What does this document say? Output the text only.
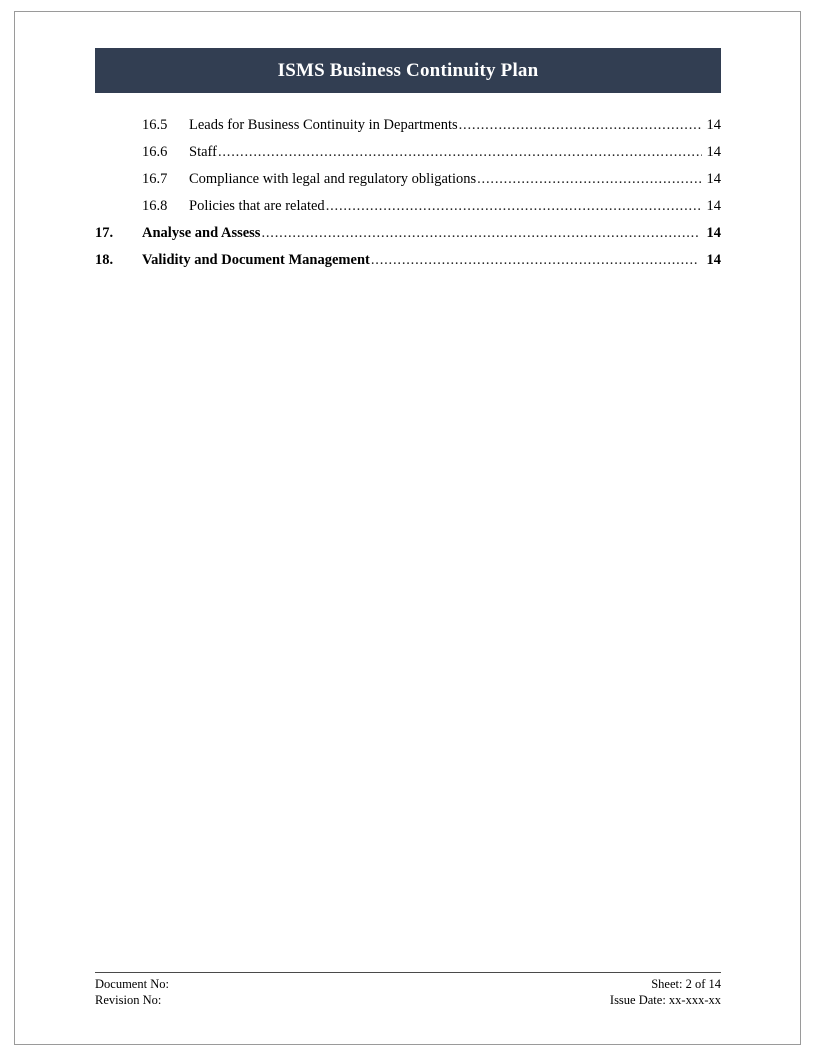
ISMS Business Continuity Plan
16.5	Leads for Business Continuity in Departments .....	14
16.6	Staff .....	14
16.7	Compliance with legal and regulatory obligations .....	14
16.8	Policies that are related .....	14
17.	Analyse and Assess .....	14
18.	Validity and Document Management .....	14
Document No:
Revision No:
Sheet: 2 of 14
Issue Date: xx-xxx-xx
